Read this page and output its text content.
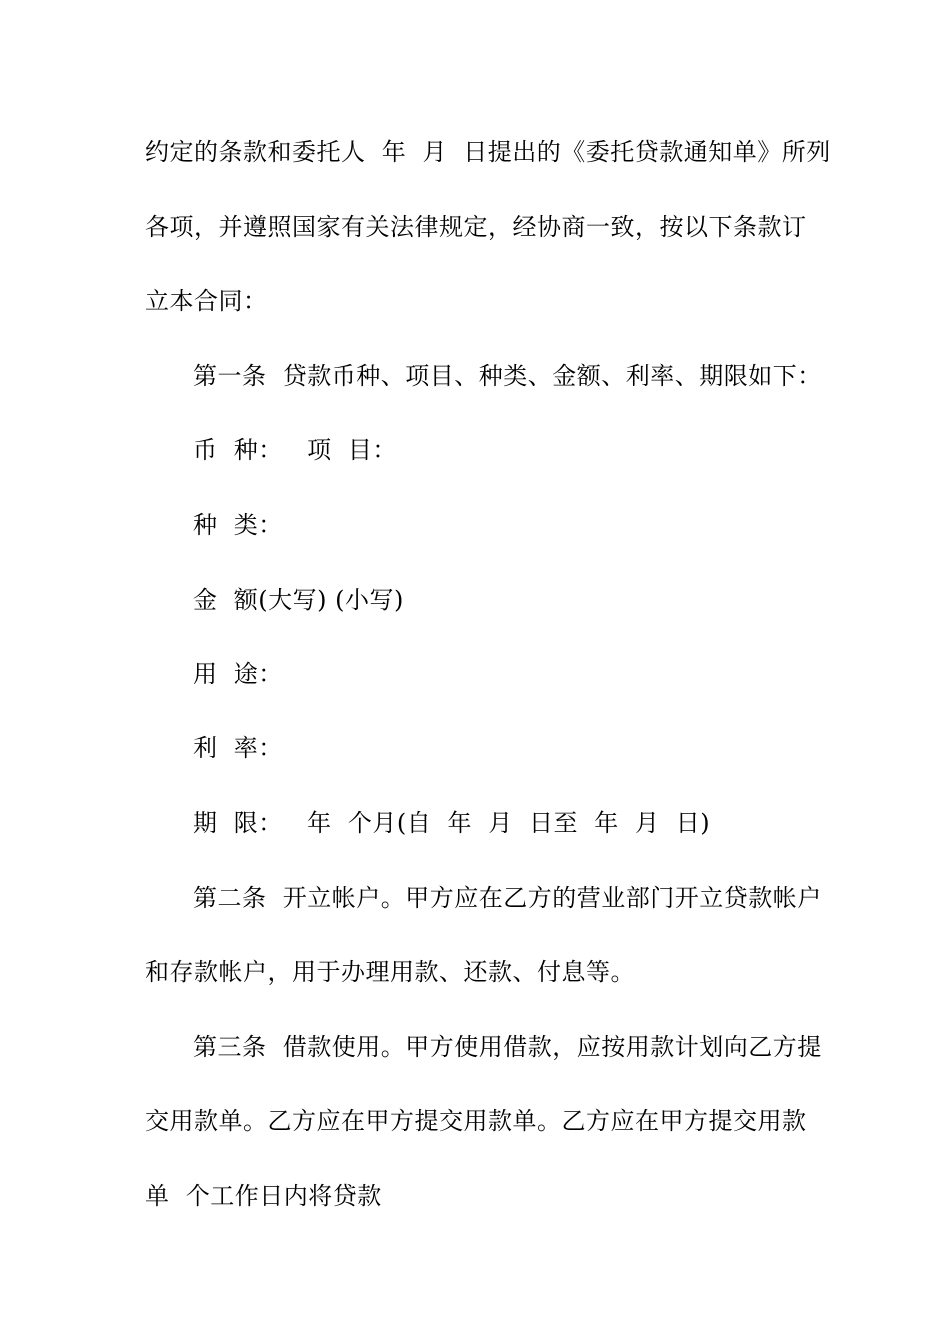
约定的条款和委托人  年  月  日提出的《委托贷款通知单》所列
各项，并遵照国家有关法律规定，经协商一致，按以下条款订
立本合同：
第一条  贷款币种、项目、种类、金额、利率、期限如下：
币  种：   项  目：
种  类：
金  额(大写) (小写)
用  途：
利  率：
期  限：   年  个月(自  年  月  日至  年  月  日)
第二条  开立帐户。甲方应在乙方的营业部门开立贷款帐户
和存款帐户，用于办理用款、还款、付息等。
第三条  借款使用。甲方使用借款，应按用款计划向乙方提
交用款单。乙方应在甲方提交用款单。乙方应在甲方提交用款
单  个工作日内将贷款
